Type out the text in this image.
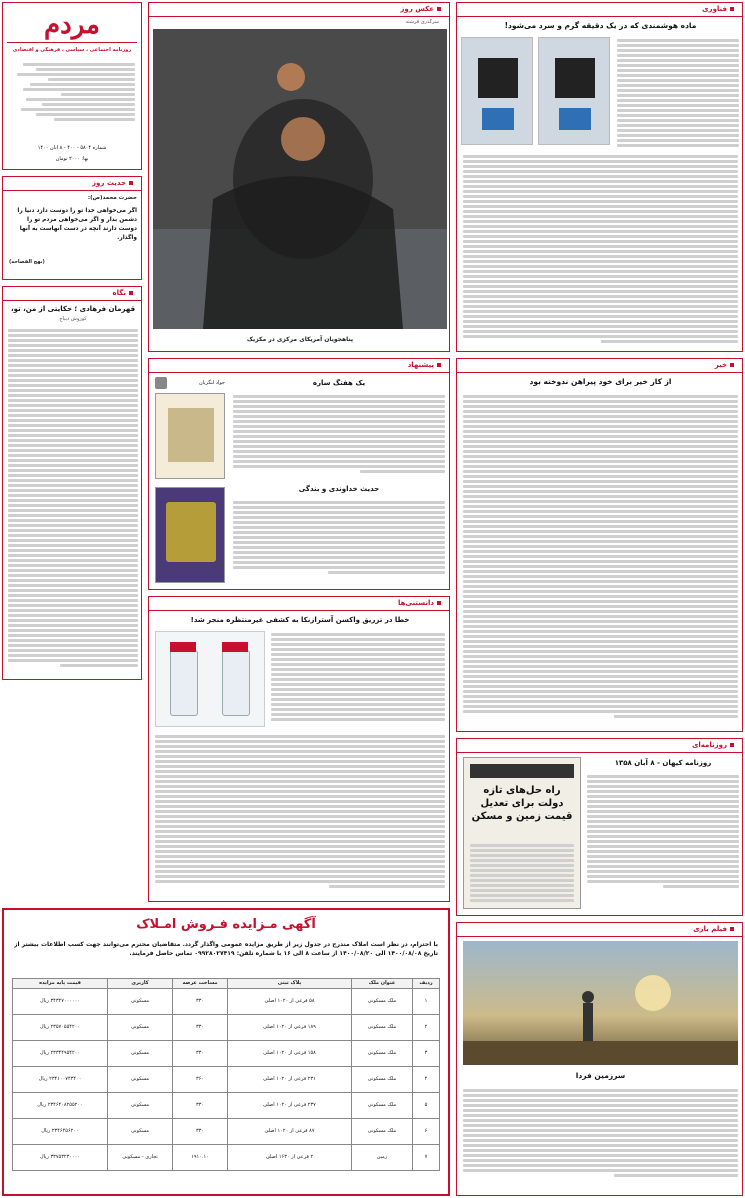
مردم
روزنامه اجتماعی ، سیاسی ، فرهنگی و اقتصادی
شماره ۵۸۰۴ - ۴۰۰ - ۸ آبان ۱۴۰۰
بها: ۲۰۰۰ تومان
حدیث روز
حضرت محمد(ص):
اگر می‌خواهی خدا تو را دوست دارد دنیا را دشمن بدار و اگر می‌خواهی مردم تو را دوست دارند آنچه در دست آنهاست به آنها واگذار.
(نهج الفصاحه)
نگاه
قهرمان فرهادی ؛ حکایتی از من، تو،
کوروش دیباج
عکس روز
سرگذری فرشته
پناهجویان آمریکای مرکزی در مکزیک
فناوری
ماده هوشمندی که در یک دقیقه گرم و سرد می‌شود!
پیشنهاد
جواد لنگریان	یک هفتگ ساره
حدیث خداوندی و بندگی
خبر
از کار خیر برای خود پیراهن ندوخته بود
دانستنی‌ها
خطا در تزریق واکسن آسترازنکا به کشفی غیرمنتظره منجر شد!
آگهی مـزایده فـروش امـلاک
با احترام، در نظر است املاک مندرج در جدول زیر از طریق مزایده عمومی واگذار گردد. متقاضیان محترم می‌توانند جهت کسب اطلاعات بیشتر از تاریخ ۱۴۰۰/۰۸/۰۸ الی ۱۴۰۰/۰۸/۲۰ از ساعت ۸ الی ۱۶ با شماره تلفن: ۰۹۹۲۸۰۲۷۴۱۹ تماس حاصل فرمایند.
ردیف	عنوان ملک	پلاک ثبتی	مساحت عرصه	کاربری	قیمت پایه مزایده
۱	ملک مسکونی	۵۸ فرعی از ۱۰۲۰ اصلی	۳۳۰	مسکونی	۳۴۳۲۷۰۰۰۰۰۰ ریال
۲	ملک مسکونی	۱۸۹ فرعی از ۱۰۲۰ اصلی	۳۳۰	مسکونی	۲۳۵۷۰۵۵۴۲۰۰ ریال
۳	ملک مسکونی	۱۵۸ فرعی از ۱۰۲۰ اصلی	۳۳۰	مسکونی	۲۳۳۴۴۹۵۴۲۰۰ ریال
۴	ملک مسکونی	۲۳۱ فرعی از ۱۰۲۰ اصلی	۳۶۰	مسکونی	۲۳۴۱۰۰۷۴۳۴۰۰ ریال
۵	ملک مسکونی	۲۳۷ فرعی از ۱۰۲۰ اصلی	۳۳۰	مسکونی	۲۳۴۶۴۰۸۲۵۵۲۰۰ ریال
۶	ملک مسکونی	۸۷ فرعی از ۱۰۲۰ اصلی	۳۳۰	مسکونی	۲۳۴۶۴۵۶۲۰۰ ریال
۷	زمین	۲ فرعی از ۱۶۳۰ اصلی	۱۹۱۰.۱۰	تجاری - مسکونی	۳۳۷۵۳۲۳۰۰۰۰ ریال
روزنامه‌ای
روزنامه کیهان - ۸ آبان ۱۳۵۸
راه حل‌های تازه دولت برای تعدیل قیمت زمین و مسکن
فیلم بازی
سرزمین فردا
